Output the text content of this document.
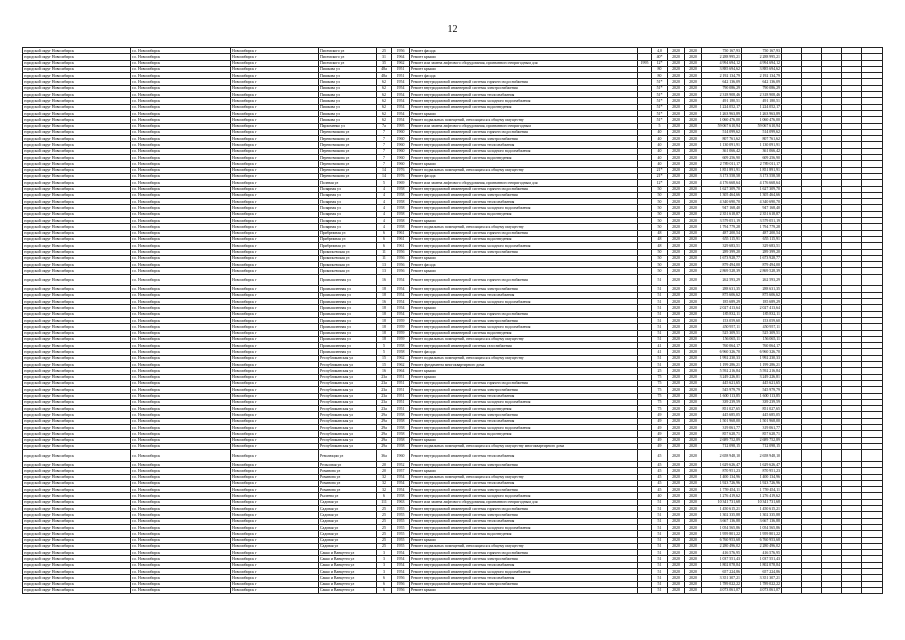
12
городской округ Новосибирск	г.о. Новосибирск	Новосибирск г	Писемского ул	25	1956	Ремонт фасада		4,0	2020	2020	750 167,93	750 167,93					
городской округ Новосибирск	г.о. Новосибирск	Новосибирск г	Писемского ул	31	1964	Ремонт крыши		40*	2020	2020	2 288 995,21	2 288 995,21					
городской округ Новосибирск	г.о. Новосибирск	Новосибирск г	Писемского ул	35	1962	Ремонт или замена лифтового оборудования, признанного непригодным для	1995	12*	2020	2020	4 994 694,12	4 994 694,12					
городской округ Новосибирск	г.о. Новосибирск	Новосибирск г	Пишкова ул	48а	1951	Ремонт крыши		80	2020	2020	3 885 694,62	3 885 694,62					
городской округ Новосибирск	г.о. Новосибирск	Новосибирск г	Пишкова ул	48а	1951	Ремонт фасада		80	2020	2020	2 192 134,79	2 192 134,79					
городской округ Новосибирск	г.о. Новосибирск	Новосибирск г	Пишкова ул	62	1954	Ремонт внутридомовой инженерной системы горячего водоснабжения		51*	2020	2020	642 136,09	642 136,09					
городской округ Новосибирск	г.о. Новосибирск	Новосибирск г	Пишкова ул	62	1954	Ремонт внутридомовой инженерной системы электроснабжения		51*	2020	2020	790 086,29	790 086,29					
городской округ Новосибирск	г.о. Новосибирск	Новосибирск г	Пишкова ул	62	1954	Ремонт внутридомовой инженерной системы теплоснабжения		51*	2020	2020	2 318 908,46	2 318 908,46					
городской округ Новосибирск	г.о. Новосибирск	Новосибирск г	Пишкова ул	62	1954	Ремонт внутридомовой инженерной системы холодного водоснабжения		51*	2020	2020	491 180,51	491 180,51					
городской округ Новосибирск	г.о. Новосибирск	Новосибирск г	Пишкова ул	62	1954	Ремонт внутридомовой инженерной системы водоотведения		51*	2020	2020	1 224 052,17	1 224 052,17					
городской округ Новосибирск	г.о. Новосибирск	Новосибирск г	Пишкова ул	62	1954	Ремонт крыши		51*	2020	2020	1 263 963,89	1 263 963,89					
городской округ Новосибирск	г.о. Новосибирск	Новосибирск г	Пишкова ул	62	1954	Ремонт подвальных помещений, относящихся к общему имуществу		51*	2020	2020	1 060 476,00	1 060 476,00					
городской округ Новосибирск	г.о. Новосибирск	Новосибирск г	Пархоменко ул	7а	1995	Ремонт или замена лифтового оборудования, признанного непригодным		5	2020	2020	59 067 610,94	59 067 610,94					
городской округ Новосибирск	г.о. Новосибирск	Новосибирск г	Перевозчикова ул	7	1960	Ремонт внутридомовой инженерной системы горячего водоснабжения		40	2020	2020	514 099,62	514 099,62					
городской округ Новосибирск	г.о. Новосибирск	Новосибирск г	Перевозчикова ул	7	1960	Ремонт внутридомовой инженерной системы электроснабжения		40	2020	2020	807 761,62	807 761,62					
городской округ Новосибирск	г.о. Новосибирск	Новосибирск г	Перевозчикова ул	7	1960	Ремонт внутридомовой инженерной системы теплоснабжения		40	2020	2020	1 130 091,91	1 130 091,91					
городской округ Новосибирск	г.о. Новосибирск	Новосибирск г	Перевозчикова ул	7	1960	Ремонт внутридомовой инженерной системы холодного водоснабжения		40	2020	2020	361 066,42	361 066,42					
городской округ Новосибирск	г.о. Новосибирск	Новосибирск г	Перевозчикова ул	7	1960	Ремонт внутридомовой инженерной системы водоотведения		40	2020	2020	609 256,90	609 256,90					
городской округ Новосибирск	г.о. Новосибирск	Новосибирск г	Перевозчикова ул	7	1960	Ремонт крыши		40	2020	2020	2 789 011,17	2 789 011,17					
городской округ Новосибирск	г.о. Новосибирск	Новосибирск г	Перевозчикова ул	14	1976	Ремонт подвальных помещений, относящихся к общему имуществу		21*	2020	2020	1 851 891,91	1 851 891,91					
городской округ Новосибирск	г.о. Новосибирск	Новосибирск г	Перевозчикова ул	14	1976	Ремонт фасада		21*	2020	2020	3 173 558,58	3 173 558,58					
городской округ Новосибирск	г.о. Новосибирск	Новосибирск г	Полевая ул	5	1969	Ремонт или замена лифтового оборудования, признанного непригодным для		12*	2020	2020	4 176 668,64	4 176 668,64					
городской округ Новосибирск	г.о. Новосибирск	Новосибирск г	Полярная ул	4	1958	Ремонт внутридомовой инженерной системы горячего водоснабжения		50	2020	2020	1 627 309,70	1 627 309,70					
городской округ Новосибирск	г.о. Новосибирск	Новосибирск г	Полярная ул	4	1958	Ремонт внутридомовой инженерной системы электроснабжения		50	2020	2020	1 305 464,66	1 305 464,66					
городской округ Новосибирск	г.о. Новосибирск	Новосибирск г	Полярная ул	4	1958	Ремонт внутридомовой инженерной системы теплоснабжения		50	2020	2020	4 340 690,70	4 340 690,70					
городской округ Новосибирск	г.о. Новосибирск	Новосибирск г	Полярная ул	4	1958	Ремонт внутридомовой инженерной системы холодного водоснабжения		50	2020	2020	947 168,40	947 168,40					
городской округ Новосибирск	г.о. Новосибирск	Новосибирск г	Полярная ул	4	1958	Ремонт внутридомовой инженерной системы водоотведения		50	2020	2020	2 351 618,87	2 351 618,87					
городской округ Новосибирск	г.о. Новосибирск	Новосибирск г	Полярная ул	4	1958	Ремонт крыши		50	2020	2020	3 579 051,19	3 579 051,19					
городской округ Новосибирск	г.о. Новосибирск	Новосибирск г	Полярная ул	4	1958	Ремонт подвальных помещений, относящихся к общему имуществу		50	2020	2020	1 794 779,28	1 794 779,28					
городской округ Новосибирск	г.о. Новосибирск	Новосибирск г	Прибрежная ул	6	1961	Ремонт внутридомовой инженерной системы горячего водоснабжения		48	2020	2020	487 200,54	487 200,54					
городской округ Новосибирск	г.о. Новосибирск	Новосибирск г	Прибрежная ул	6	1961	Ремонт внутридомовой инженерной системы водоотведения		48	2020	2020	655 115,91	655 115,91					
городской округ Новосибирск	г.о. Новосибирск	Новосибирск г	Прибрежная ул	6	1961	Ремонт внутридомовой инженерной системы холодного водоснабжения		48	2020	2020	329 683,51	329 683,51					
городской округ Новосибирск	г.о. Новосибирск	Новосибирск г	Прокопьевская ул	11	1956	Ремонт внутридомовой инженерной системы электроснабжения		50	2020	2020	289 399,20	289 399,20					
городской округ Новосибирск	г.о. Новосибирск	Новосибирск г	Прокопьевская ул	11	1956	Ремонт крыши		50	2020	2020	1 673 928,77	1 673 928,77					
городской округ Новосибирск	г.о. Новосибирск	Новосибирск г	Прокопьевская ул	13	1956	Ремонт фасада		50	2020	2020	879 494,00	879 494,00					
городской округ Новосибирск	г.о. Новосибирск	Новосибирск г	Прокопьевская ул	13	1956	Ремонт крыши		50	2020	2020	2 869 528,39	2 869 528,39					
городской округ Новосибирск	г.о. Новосибирск	Новосибирск г	Промышленная ул	16	1954	Ремонт внутридомовой инженерной системы горячего водоснабжения		51	2020	2020	262 593,29	262 593,29					
городской округ Новосибирск	г.о. Новосибирск	Новосибирск г	Промышленная ул	18	1954	Ремонт внутридомовой инженерной системы электроснабжения		51	2020	2020	288 631,35	288 631,35					
городской округ Новосибирск	г.о. Новосибирск	Новосибирск г	Промышленная ул	18	1954	Ремонт внутридомовой инженерной системы теплоснабжения		51	2020	2020	875 606,62	875 606,62					
городской округ Новосибирск	г.о. Новосибирск	Новосибирск г	Промышленная ул	16	1954	Ремонт внутридомовой инженерной системы холодного водоснабжения		51	2020	2020	185 689,29	185 689,29					
городской округ Новосибирск	г.о. Новосибирск	Новосибирск г	Промышленная ул	18	1954	Ремонт крыши		51	2020	2020	2 027 413,64	2 027 413,64					
городской округ Новосибирск	г.о. Новосибирск	Новосибирск г	Промышленная ул	18	1954	Ремонт внутридомовой инженерной системы горячего водоснабжения		51	2020	2020	185 832,11	185 832,11					
городской округ Новосибирск	г.о. Новосибирск	Новосибирск г	Промышленная ул	18	1959	Ремонт внутридомовой инженерной системы электроснабжения		51	2020	2020	153 059,60	153 059,60					
городской округ Новосибирск	г.о. Новосибирск	Новосибирск г	Промышленная ул	18	1959	Ремонт внутридомовой инженерной системы холодного водоснабжения		51	2020	2020	450 957,11	450 957,11					
городской округ Новосибирск	г.о. Новосибирск	Новосибирск г	Промышленная ул	18	1959	Ремонт внутридомовой инженерной системы водоотведения		51	2020	2020	525 309,51	525 309,51					
городской округ Новосибирск	г.о. Новосибирск	Новосибирск г	Промышленная ул	18	1959	Ремонт подвальных помещений, относящихся к общему имуществу		51	2020	2020	156 065,11	156 065,11					
городской округ Новосибирск	г.о. Новосибирск	Новосибирск г	Промышленная ул	5	1958	Ремонт внутридомовой инженерной системы газоснабжения		41	2020	2020	760 064,17	760 064,17					
городской округ Новосибирск	г.о. Новосибирск	Новосибирск г	Промышленная ул	5	1958	Ремонт фасада		41	2020	2020	6 960 326,70	6 960 326,70					
городской округ Новосибирск	г.о. Новосибирск	Новосибирск г	Республиканская ул	15	1962	Ремонт подвальных помещений, относящихся к общему имуществу		51	2020	2020	1 992 230,33	1 992 230,33					
городской округ Новосибирск	г.о. Новосибирск	Новосибирск г	Республиканская ул	15	1962	Ремонт фундамента многоквартирного дома		51	2020	2020	1 199 286,21	1 199 286,21					
городской округ Новосибирск	г.о. Новосибирск	Новосибирск г	Республиканская ул	16	1964	Ремонт крыши		25	2020	2020	5 592 216,84	5 592 216,84					
городской округ Новосибирск	г.о. Новосибирск	Новосибирск г	Республиканская ул	23а	1951	Ремонт крыши		75	2020	2020	3 249 226,81	3 249 226,81					
городской округ Новосибирск	г.о. Новосибирск	Новосибирск г	Республиканская ул	23а	1951	Ремонт внутридомовой инженерной системы горячего водоснабжения		75	2020	2020	445 621,65	445 621,65					
городской округ Новосибирск	г.о. Новосибирск	Новосибирск г	Республиканская ул	23а	1951	Ремонт внутридомовой инженерной системы электроснабжения		75	2020	2020	545 979,79	545 979,79					
городской округ Новосибирск	г.о. Новосибирск	Новосибирск г	Республиканская ул	23а	1951	Ремонт внутридомовой инженерной системы теплоснабжения		75	2020	2020	1 600 113,85	1 600 113,85					
городской округ Новосибирск	г.о. Новосибирск	Новосибирск г	Республиканская ул	23а	1951	Ремонт внутридомовой инженерной системы холодного водоснабжения		75	2020	2020	339 239,59	339 239,59					
городской округ Новосибирск	г.о. Новосибирск	Новосибирск г	Республиканская ул	23а	1951	Ремонт внутридомовой инженерной системы водоотведения		75	2020	2020	851 027,65	851 027,65					
городской округ Новосибирск	г.о. Новосибирск	Новосибирск г	Республиканская ул	29а	1958	Ремонт внутридомовой инженерной системы электроснабжения		49	2020	2020	445 685,05	445 685,05					
городской округ Новосибирск	г.о. Новосибирск	Новосибирск г	Республиканская ул	29а	1958	Ремонт внутридомовой инженерной системы теплоснабжения		49	2020	2020	1 501 968,00	1 501 968,00					
городской округ Новосибирск	г.о. Новосибирск	Новосибирск г	Республиканская ул	29а	1958	Ремонт внутридомовой инженерной системы холодного водоснабжения		49	2020	2020	319 061,77	319 061,77					
городской округ Новосибирск	г.о. Новосибирск	Новосибирск г	Республиканская ул	29а	1958	Ремонт внутридомовой инженерной системы водоотведения		49	2020	2020	857 628,71	857 628,71					
городской округ Новосибирск	г.о. Новосибирск	Новосибирск г	Республиканская ул	29а	1958	Ремонт крыши		49	2020	2020	2 689 752,89	2 689 752,89					
городской округ Новосибирск	г.о. Новосибирск	Новосибирск г	Республиканская ул	29а	1958	Ремонт подвальных помещений, относящихся к общему имуществу многоквартирного дома		49	2020	2020	712 098,15	712 098,15					
городской округ Новосибирск	г.о. Новосибирск	Новосибирск г	Революции ул	36а	1960	Ремонт внутридомовой инженерной системы теплоснабжения		45	2020	2020	2 658 948,10	2 658 948,10					
городской округ Новосибирск	г.о. Новосибирск	Новосибирск г	Рельсовая ул	20	1952	Ремонт внутридомовой инженерной системы электроснабжения		45	2020	2020	1 629 626,47	1 629 626,47					
городской округ Новосибирск	г.о. Новосибирск	Новосибирск г	Романова ул	20	1957	Ремонт крыши		45	2020	2020	870 951,23	870 951,23					
городской округ Новосибирск	г.о. Новосибирск	Новосибирск г	Романова ул	32	1954	Ремонт подвальных помещений, относящихся к общему имуществу		45	2020	2020	1 400 134,96	1 400 134,96					
городской округ Новосибирск	г.о. Новосибирск	Новосибирск г	Романова ул	32	1954	Ремонт внутридомовой инженерной системы теплоснабжения		45	2020	2020	1 923 726,96	1 923 726,96					
городской округ Новосибирск	г.о. Новосибирск	Новосибирск г	Романова ул	32	1954	Ремонт внутридомовой инженерной системы электроснабжения		45	2020	2020	1 759 454,11	1 759 454,11					
городской округ Новосибирск	г.о. Новосибирск	Новосибирск г	Рылеева ул	6	1958	Ремонт внутридомовой инженерной системы холодного водоснабжения		40	2020	2020	1 276 419,62	1 276 419,62					
городской округ Новосибирск	г.о. Новосибирск	Новосибирск г	Садовая ул	111	1963	Ремонт или замена лифтового оборудования, признанного непригодным для		51	2020	2020	10 341 731,68	10 341 731,68					
городской округ Новосибирск	г.о. Новосибирск	Новосибирск г	Садовая ул	25	1955	Ремонт внутридомовой инженерной системы горячего водоснабжения		51	2020	2020	1 450 615,21	1 450 615,21					
городской округ Новосибирск	г.о. Новосибирск	Новосибирск г	Садовая ул	25	1955	Ремонт внутридомовой инженерной системы электроснабжения		51	2020	2020	1 302 335,88	1 302 335,88					
городской округ Новосибирск	г.о. Новосибирск	Новосибирск г	Садовая ул	25	1955	Ремонт внутридомовой инженерной системы теплоснабжения		51	2020	2020	3 667 136,88	3 667 136,88					
городской округ Новосибирск	г.о. Новосибирск	Новосибирск г	Садовая ул	25	1955	Ремонт внутридомовой инженерной системы холодного водоснабжения		51	2020	2020	1 054 565,86	1 054 565,86					
городской округ Новосибирск	г.о. Новосибирск	Новосибирск г	Садовая ул	25	1955	Ремонт внутридомовой инженерной системы водоотведения		51	2020	2020	1 959 801,22	1 959 801,22					
городской округ Новосибирск	г.о. Новосибирск	Новосибирск г	Садовая ул	25	1955	Ремонт крыши		51	2020	2020	6 760 953,68	6 760 953,68					
городской округ Новосибирск	г.о. Новосибирск	Новосибирск г	Садовая ул	25	1955	Ремонт подвальных помещений, относящихся к общему имуществу		51	2020	2020	2 280 496,02	2 280 496,02					
городской округ Новосибирск	г.о. Новосибирск	Новосибирск г	Сакко и Ванцетти ул	3	1954	Ремонт внутридомовой инженерной системы горячего водоснабжения		51	2020	2020	416 576,95	416 576,95					
городской округ Новосибирск	г.о. Новосибирск	Новосибирск г	Сакко и Ванцетти ул	3	1954	Ремонт внутридомовой инженерной системы электроснабжения		51	2020	2020	1 037 551,43	1 037 551,43					
городской округ Новосибирск	г.о. Новосибирск	Новосибирск г	Сакко и Ванцетти ул	3	1954	Ремонт внутридомовой инженерной системы теплоснабжения		51	2020	2020	1 802 078,84	1 802 078,84					
городской округ Новосибирск	г.о. Новосибирск	Новосибирск г	Сакко и Ванцетти ул	3	1954	Ремонт внутридомовой инженерной системы холодного водоснабжения		51	2020	2020	657 224,86	657 224,86					
городской округ Новосибирск	г.о. Новосибирск	Новосибирск г	Сакко и Ванцетти ул	6	1956	Ремонт внутридомовой инженерной системы теплоснабжения		51	2020	2020	3 351 307,21	3 351 307,21					
городской округ Новосибирск	г.о. Новосибирск	Новосибирск г	Сакко и Ванцетти ул	6	1956	Ремонт внутридомовой инженерной системы электроснабжения		51	2020	2020	1 789 022,22	1 789 022,22					
городской округ Новосибирск	г.о. Новосибирск	Новосибирск г	Сакко и Ванцетти ул	6	1956	Ремонт крыши		51	2020	2020	4 073 061,07	4 073 061,07					
